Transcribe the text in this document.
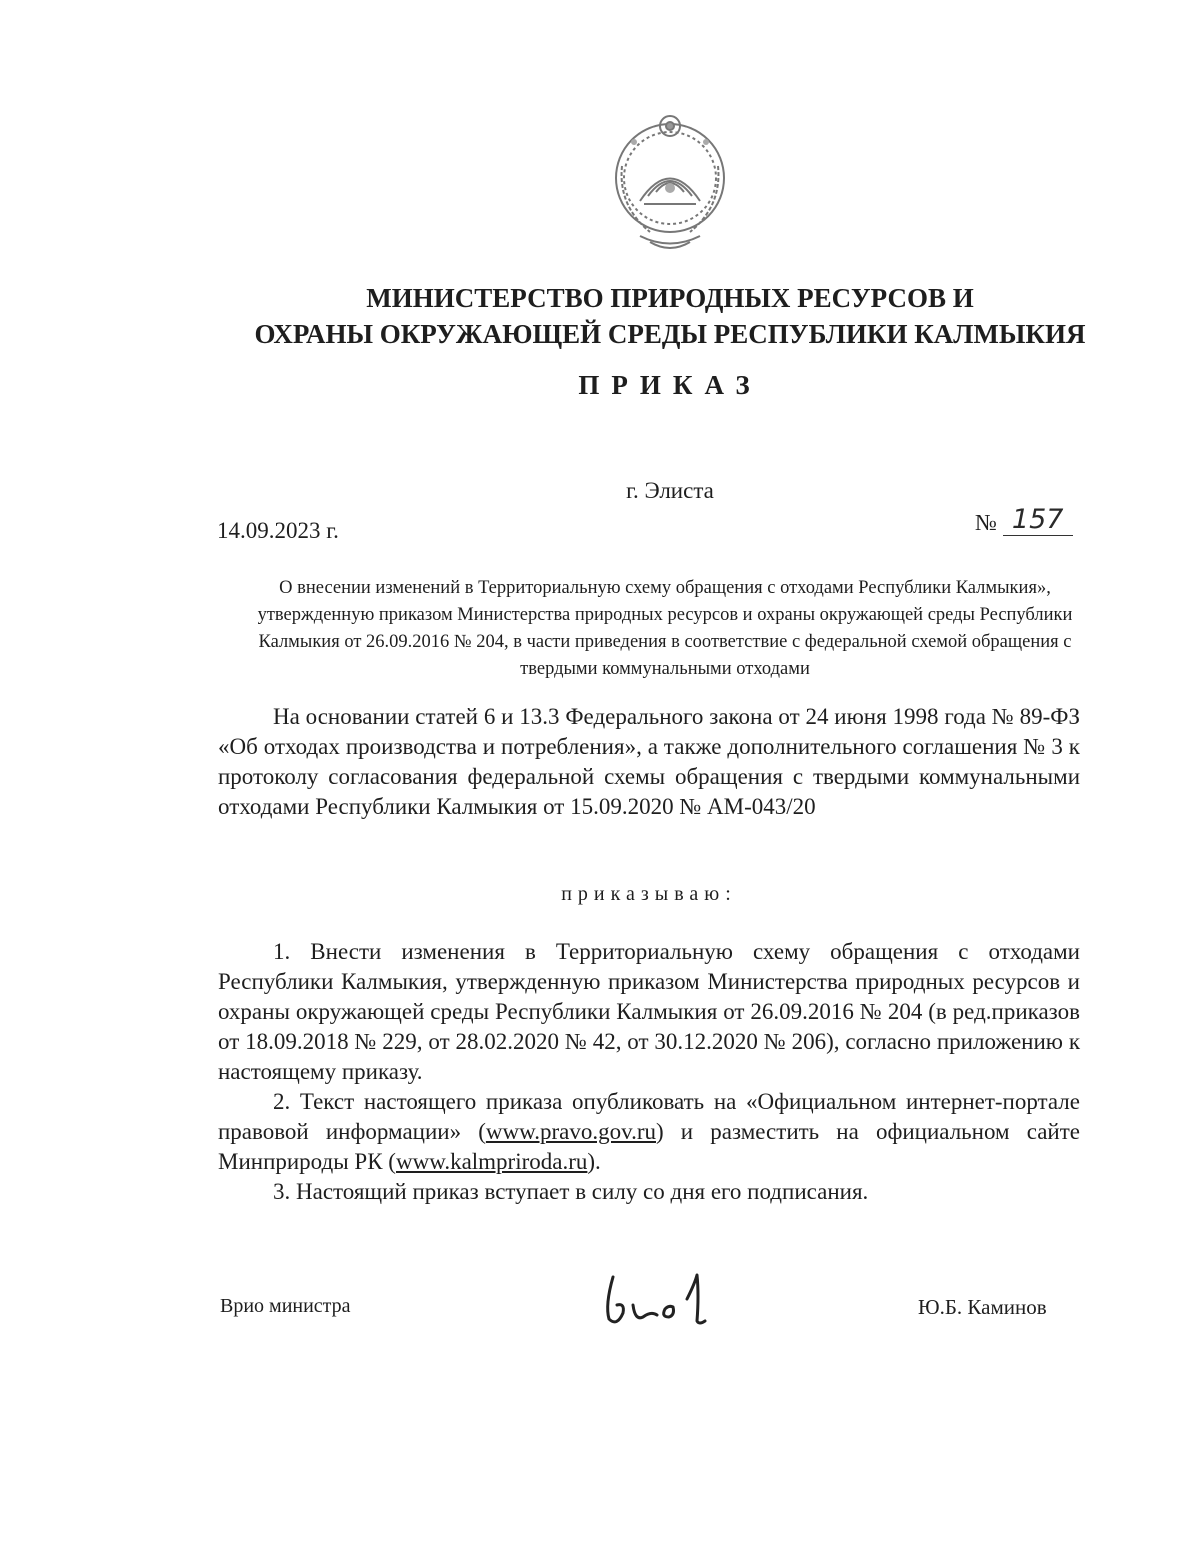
МИНИСТЕРСТВО ПРИРОДНЫХ РЕСУРСОВ И
ОХРАНЫ ОКРУЖАЮЩЕЙ СРЕДЫ РЕСПУБЛИКИ КАЛМЫКИЯ
ПРИКАЗ
г. Элиста
14.09.2023 г.	№ 157
О внесении изменений в Территориальную схему обращения с отходами Республики Калмыкия», утвержденную приказом Министерства природных ресурсов и охраны окружающей среды Республики Калмыкия от 26.09.2016 № 204, в части приведения в соответствие с федеральной схемой обращения с твердыми коммунальными отходами
На основании статей 6 и 13.3 Федерального закона от 24 июня 1998 года № 89-ФЗ «Об отходах производства и потребления», а также дополнительного соглашения № 3 к протоколу согласования федеральной схемы обращения с твердыми коммунальными отходами Республики Калмыкия от 15.09.2020 № АМ-043/20
приказываю:

1. Внести изменения в Территориальную схему обращения с отходами Республики Калмыкия, утвержденную приказом Министерства природных ресурсов и охраны окружающей среды Республики Калмыкия от 26.09.2016 № 204 (в ред.приказов от 18.09.2018 № 229, от 28.02.2020 № 42, от 30.12.2020 № 206), согласно приложению к настоящему приказу.

2. Текст настоящего приказа опубликовать на «Официальном интернет-портале правовой информации» (www.pravo.gov.ru) и разместить на официальном сайте Минприроды РК (www.kalmpriroda.ru).

3. Настоящий приказ вступает в силу со дня его подписания.

Врио министра	Ю.Б. Каминов
